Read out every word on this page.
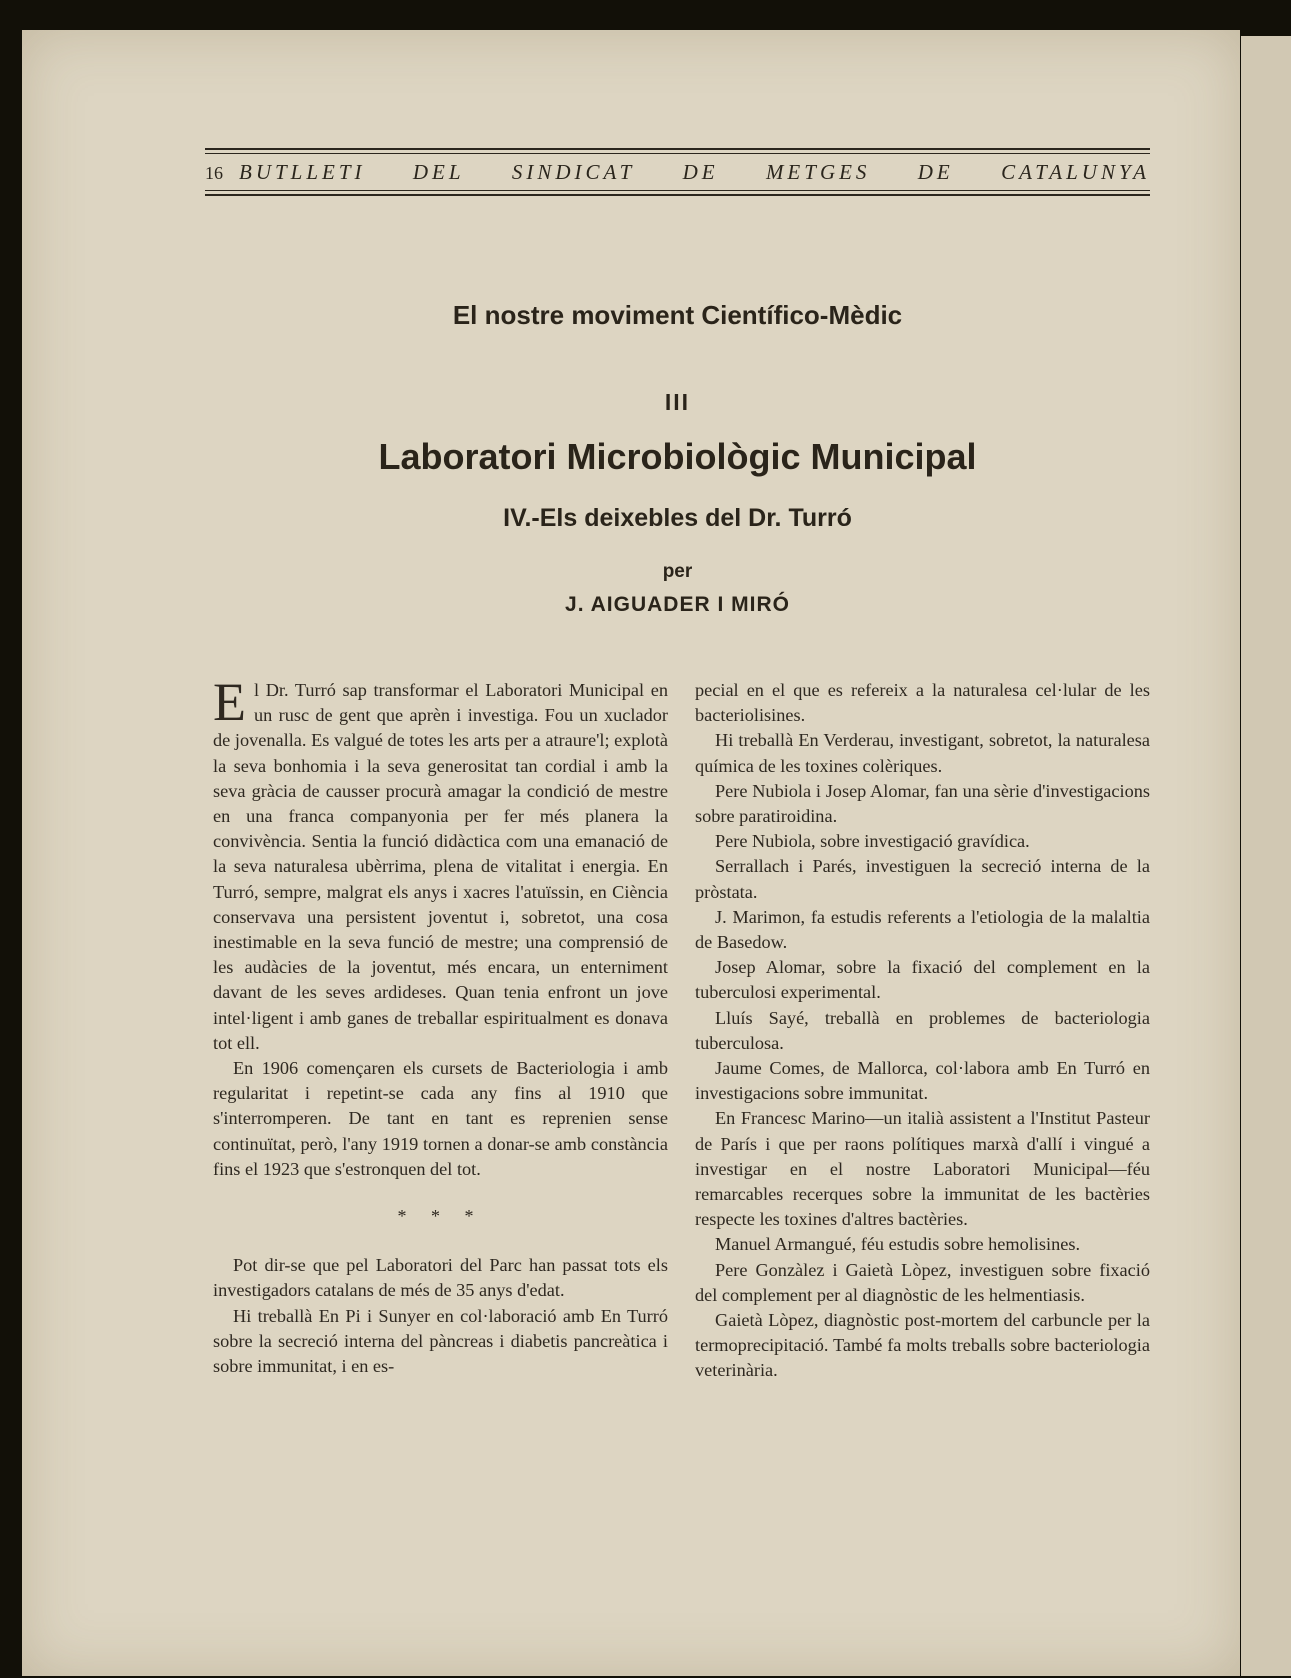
16 BUTLLETI DEL SINDICAT DE METGES DE CATALUNYA
El nostre moviment Científico-Mèdic
III
Laboratori Microbiològic Municipal
IV.-Els deixebles del Dr. Turró
per
J. AIGUADER I MIRÓ

El Dr. Turró sap transformar el Laboratori Municipal en un rusc de gent que aprèn i investiga. Fou un xuclador de jovenalla. Es valgué de totes les arts per a atraure'l; explotà la seva bonhomia i la seva generositat tan cordial i amb la seva gràcia de causser procurà amagar la condició de mestre en una franca companyonia per fer més planera la convivència. Sentia la funció didàctica com una emanació de la seva naturalesa ubèrrima, plena de vitalitat i energia. En Turró, sempre, malgrat els anys i xacres l'atuïssin, en Ciència conservava una persistent joventut i, sobretot, una cosa inestimable en la seva funció de mestre; una comprensió de les audàcies de la joventut, més encara, un enterniment davant de les seves ardideses. Quan tenia enfront un jove intel·ligent i amb ganes de treballar espiritualment es donava tot ell.

En 1906 començaren els cursets de Bacteriologia i amb regularitat i repetint-se cada any fins al 1910 que s'interromperen. De tant en tant es reprenien sense continuïtat, però, l'any 1919 tornen a donar-se amb constància fins el 1923 que s'estronquen del tot.

* * *

Pot dir-se que pel Laboratori del Parc han passat tots els investigadors catalans de més de 35 anys d'edat.

Hi treballà En Pi i Sunyer en col·laboració amb En Turró sobre la secreció interna del pàncreas i diabetis pancreàtica i sobre immunitat, i en es-

pecial en el que es refereix a la naturalesa cel·lular de les bacteriolisines.

Hi treballà En Verderau, investigant, sobretot, la naturalesa química de les toxines colèriques.

Pere Nubiola i Josep Alomar, fan una sèrie d'investigacions sobre paratiroidina.

Pere Nubiola, sobre investigació gravídica.

Serrallach i Parés, investiguen la secreció interna de la pròstata.

J. Marimon, fa estudis referents a l'etiologia de la malaltia de Basedow.

Josep Alomar, sobre la fixació del complement en la tuberculosi experimental.

Lluís Sayé, treballà en problemes de bacteriologia tuberculosa.

Jaume Comes, de Mallorca, col·labora amb En Turró en investigacions sobre immunitat.

En Francesc Marino—un italià assistent a l'Institut Pasteur de París i que per raons polítiques marxà d'allí i vingué a investigar en el nostre Laboratori Municipal—féu remarcables recerques sobre la immunitat de les bactèries respecte les toxines d'altres bactèries.

Manuel Armangué, féu estudis sobre hemolisines.

Pere Gonzàlez i Gaietà Lòpez, investiguen sobre fixació del complement per al diagnòstic de les helmentiasis.

Gaietà Lòpez, diagnòstic post-mortem del carbuncle per la termoprecipitació. També fa molts treballs sobre bacteriologia veterinària.
